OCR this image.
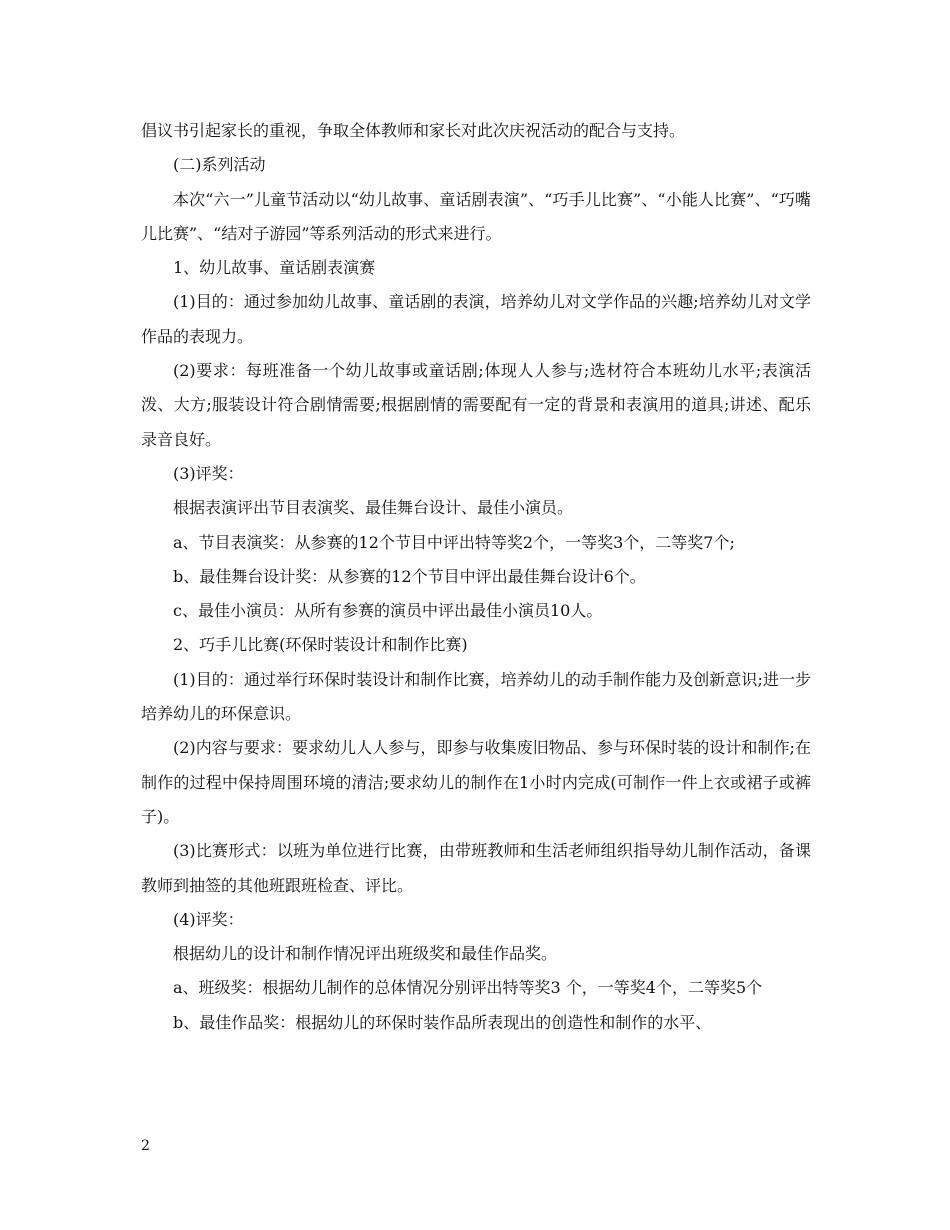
倡议书引起家长的重视，争取全体教师和家长对此次庆祝活动的配合与支持。

(二)系列活动

本次“六一”儿童节活动以“幼儿故事、童话剧表演”、“巧手儿比赛”、“小能人比赛”、“巧嘴儿比赛”、“结对子游园”等系列活动的形式来进行。

1、幼儿故事、童话剧表演赛

(1)目的：通过参加幼儿故事、童话剧的表演，培养幼儿对文学作品的兴趣;培养幼儿对文学作品的表现力。

(2)要求：每班准备一个幼儿故事或童话剧;体现人人参与;选材符合本班幼儿水平;表演活泼、大方;服装设计符合剧情需要;根据剧情的需要配有一定的背景和表演用的道具;讲述、配乐录音良好。

(3)评奖：

根据表演评出节目表演奖、最佳舞台设计、最佳小演员。

a、节目表演奖：从参赛的12个节目中评出特等奖2个，一等奖3个，二等奖7个;

b、最佳舞台设计奖：从参赛的12个节目中评出最佳舞台设计6个。

c、最佳小演员：从所有参赛的演员中评出最佳小演员10人。

2、巧手儿比赛(环保时装设计和制作比赛)

(1)目的：通过举行环保时装设计和制作比赛，培养幼儿的动手制作能力及创新意识;进一步培养幼儿的环保意识。

(2)内容与要求：要求幼儿人人参与，即参与收集废旧物品、参与环保时装的设计和制作;在制作的过程中保持周围环境的清洁;要求幼儿的制作在1小时内完成(可制作一件上衣或裙子或裤子)。

(3)比赛形式：以班为单位进行比赛，由带班教师和生活老师组织指导幼儿制作活动，备课教师到抽签的其他班跟班检查、评比。

(4)评奖：

根据幼儿的设计和制作情况评出班级奖和最佳作品奖。

a、班级奖：根据幼儿制作的总体情况分别评出特等奖3 个，一等奖4个，二等奖5个

b、最佳作品奖：根据幼儿的环保时装作品所表现出的创造性和制作的水平、

2
